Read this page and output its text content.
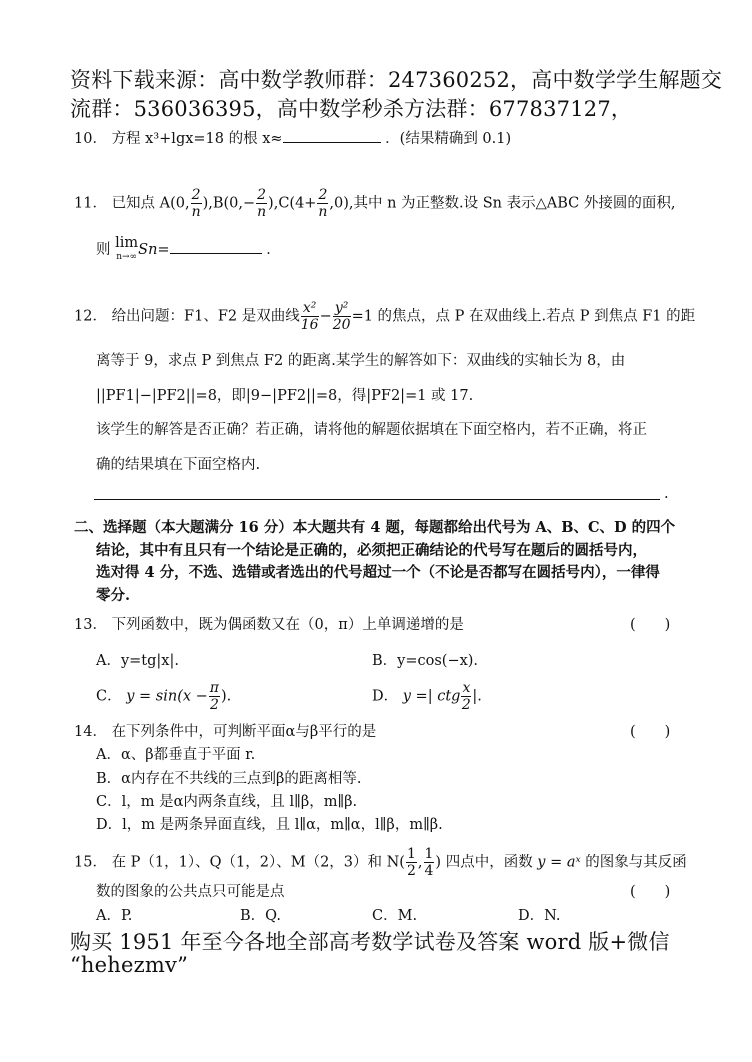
资料下载来源：高中数学教师群：247360252，高中数学学生解题交
流群：536036395，高中数学秒杀方法群：677837127，
10． 方程 x³+lgx=18 的根 x≈	．(结果精确到 0.1)
11． 已知点 A(0, $\frac{2}{n} ),B(0,- \frac{2}{n} ),C(4+ \frac{2}{n} ,0)$,其中 n 为正整数.设 Sn 表示△ABC 外接圆的面积,
则 lim
n→∞ Sn=	．
12． 给出问题：F1、F2 是双曲线 $\frac{\text{x²}}{16} - \frac{\text{y²}}{20} =1$ 的焦点，点 P 在双曲线上.若点 P 到焦点 F1 的距
离等于 9，求点 P 到焦点 F2 的距离.某学生的解答如下：双曲线的实轴长为 8，由
||PF1|−|PF2||=8，即|9−|PF2||=8，得|PF2|=1 或 17.
该学生的解答是否正确？若正确，请将他的解题依据填在下面空格内，若不正确，将正
确的结果填在下面空格内.
.
二、选择题（本大题满分 16 分）本大题共有 4 题，每题都给出代号为 A、B、C、D 的四个
结论，其中有且只有一个结论是正确的，必须把正确结论的代号写在题后的圆括号内，
选对得 4 分，不选、选错或者选出的代号超过一个（不论是否都写在圆括号内），一律得
零分.
13． 下列函数中，既为偶函数又在（0，π）上单调递增的是	(　　)
A．y=tg|x|.	B．y=cos(−x).
C． $y = \sin(x - \frac{\pi}{2}$ ).	D． y =| ctg $\frac{x}{2}$ |.
14． 在下列条件中，可判断平面α与β平行的是	(　　)
A．α、β都垂直于平面 r.
B．α内存在不共线的三点到β的距离相等.
C．l，m 是α内两条直线，且 l∥β，m∥β.
D．l，m 是两条异面直线，且 l∥α，m∥α，l∥β，m∥β.
15． 在 P（1，1）、Q（1，2）、M（2，3）和 $N( \frac{1}{2}$ , $\frac{1}{4}$ ) 四点中，函数 y = aˣ 的图象与其反函
数的图象的公共点只可能是点	(　　)
A．P.	B．Q.	C．M.	D．N.
购买 1951 年至今各地全部高考数学试卷及答案 word 版+微信
“hehezmv”
